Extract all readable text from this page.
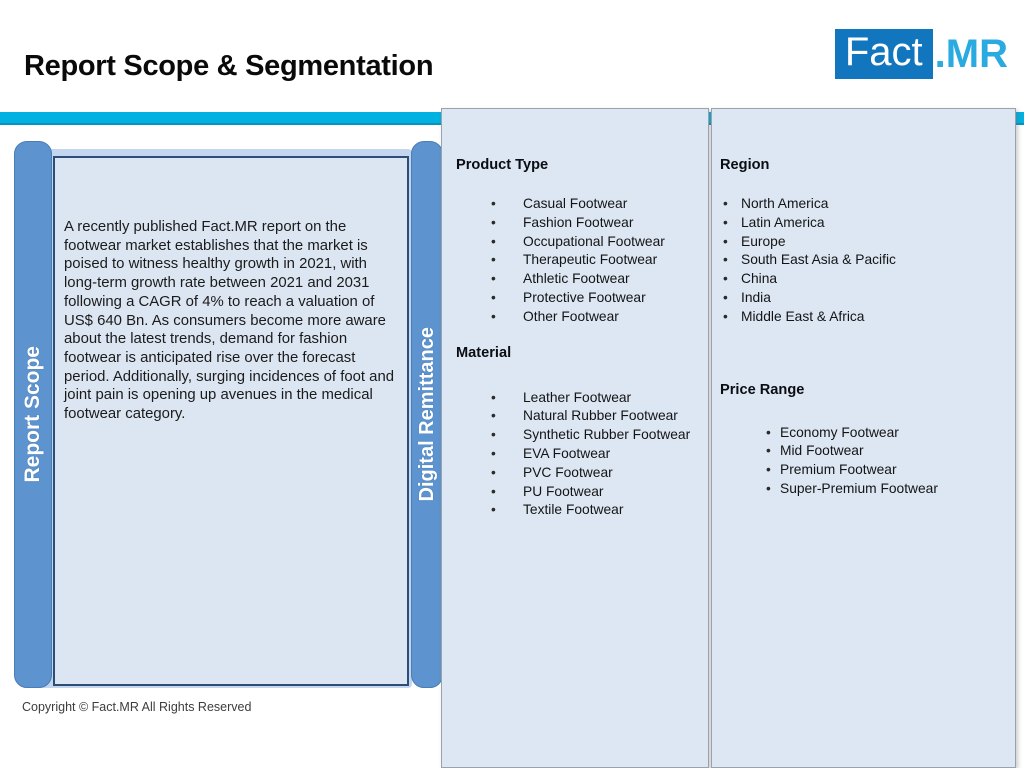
Report Scope & Segmentation	Fact .MR
Report Scope

A recently published Fact.MR report on the footwear market establishes that the market is poised to witness healthy growth in 2021, with long-term growth rate between 2021 and 2031 following a CAGR of 4% to reach a valuation of US$ 640 Bn. As consumers become more aware about the latest trends, demand for fashion footwear is anticipated rise over the forecast period. Additionally, surging incidences of foot and joint pain is opening up avenues in the medical footwear category.	Digital Remittance
Product Type
• Casual Footwear
• Fashion Footwear
• Occupational Footwear
• Therapeutic Footwear
• Athletic Footwear
• Protective Footwear
• Other Footwear
Material
• Leather Footwear
• Natural Rubber Footwear
• Synthetic Rubber Footwear
• EVA Footwear
• PVC Footwear
• PU Footwear
• Textile Footwear
Region
• North America
• Latin America
• Europe
• South East Asia & Pacific
• China
• India
• Middle East & Africa
Price Range
• Economy Footwear
• Mid Footwear
• Premium Footwear
• Super-Premium Footwear
Copyright © Fact.MR All Rights Reserved
